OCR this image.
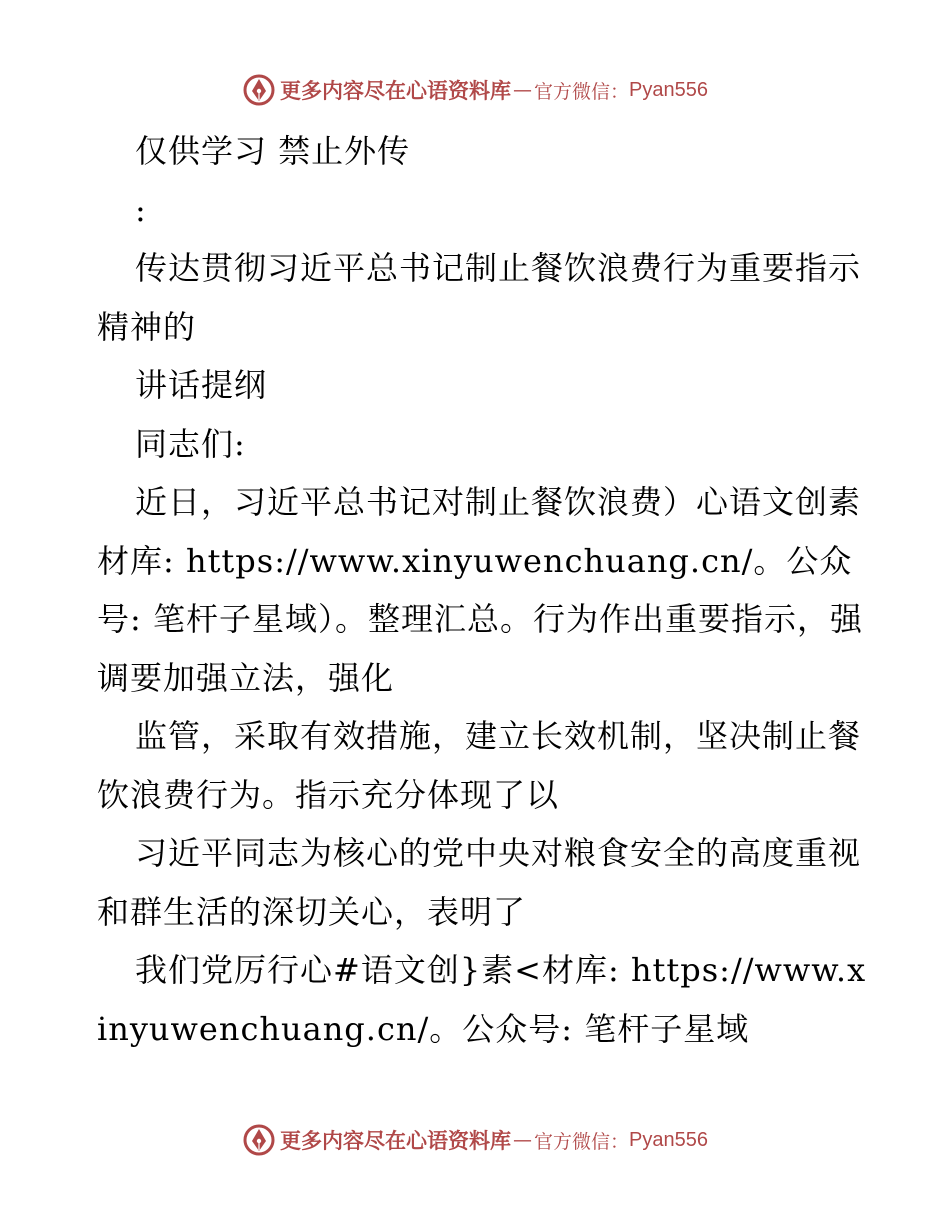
更多内容尽在心语资料库 — 官方微信： Pyan556

仅供学习 禁止外传

:

传达贯彻习近平总书记制止餐饮浪费行为重要指示精神的

讲话提纲

同志们:

近日，习近平总书记对制止餐饮浪费）心语文创素材库: https://www.xinyuwenchuang.cn/。公众号: 笔杆子星域）。整理汇总。行为作出重要指示，强调要加强立法，强化

监管，采取有效措施，建立长效机制，坚决制止餐饮浪费行为。指示充分体现了以

习近平同志为核心的党中央对粮食安全的高度重视和群生活的深切关心，表明了

我们党厉行心#语文创}素<材库: https://www.xinyuwenchuang.cn/。公众号: 笔杆子星域

更多内容尽在心语资料库 — 官方微信： Pyan556
